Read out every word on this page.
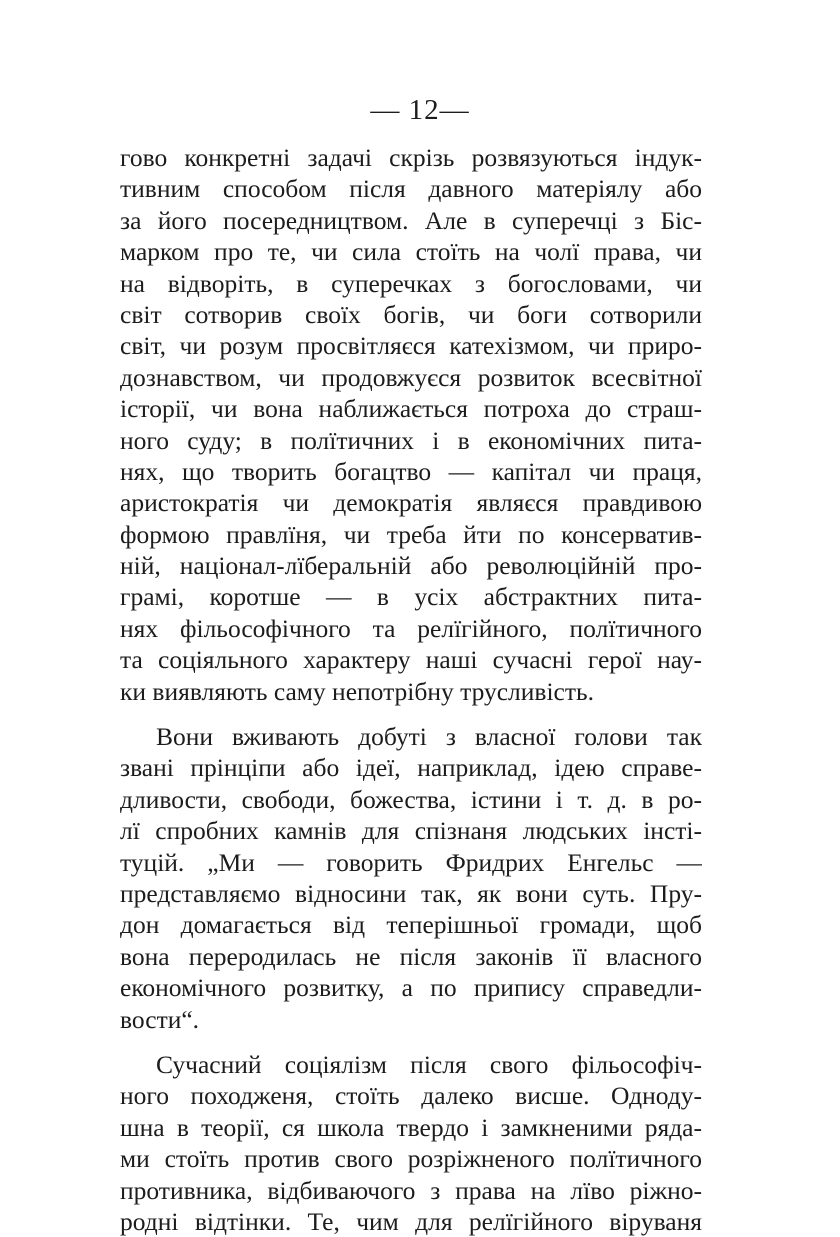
— 12—
гово конкретні задачі скрізь розвязуються індук-
тивним способом після давного матеріялу або
за його посередництвом. Але в суперечці з Біс-
марком про те, чи сила стоїть на чолї права, чи
на відворіть, в суперечках з богословами, чи
світ сотворив своїх богів, чи боги сотворили
світ, чи розум просвітляєся катехізмом, чи приро-
дознавством, чи продовжуєся розвиток всесвітної
історії, чи вона наближається потроха до страш-
ного суду; в полїтичних і в економічних пита-
нях, що творить богацтво — капітал чи праця,
аристократія чи демократія являєся правдивою
формою правлїня, чи треба йти по консерватив-
ній, націонал-лїберальній або революційній про-
грамі, коротше — в усіх абстрактних пита-
нях фільософічного та релїгійного, полїтичного
та соціяльного характеру наші сучасні герої нау-
ки виявляють саму непотрібну трусливість.
Вони вживають добуті з власної голови так
звані прінціпи або ідеї, наприклад, ідею справе-
дливости, свободи, божества, істини і т. д. в ро-
лї спробних камнів для спізнаня людських інсті-
туцій. „Ми — говорить Фридрих Енгельс —
представляємо відносини так, як вони суть. Пру-
дон домагається від теперішньої громади, щоб
вона переродилась не після законів її власного
економічного розвитку, а по припису справедли-
вости“.
Сучасний соціялізм після свого фільософіч-
ного походженя, стоїть далеко висше. Одноду-
шна в теорії, ся школа твердо і замкненими ряда-
ми стоїть против свого розріжненого полїтичного
противника, відбиваючого з права на лїво ріжно-
родні відтінки. Те, чим для релїгійного віруваня
